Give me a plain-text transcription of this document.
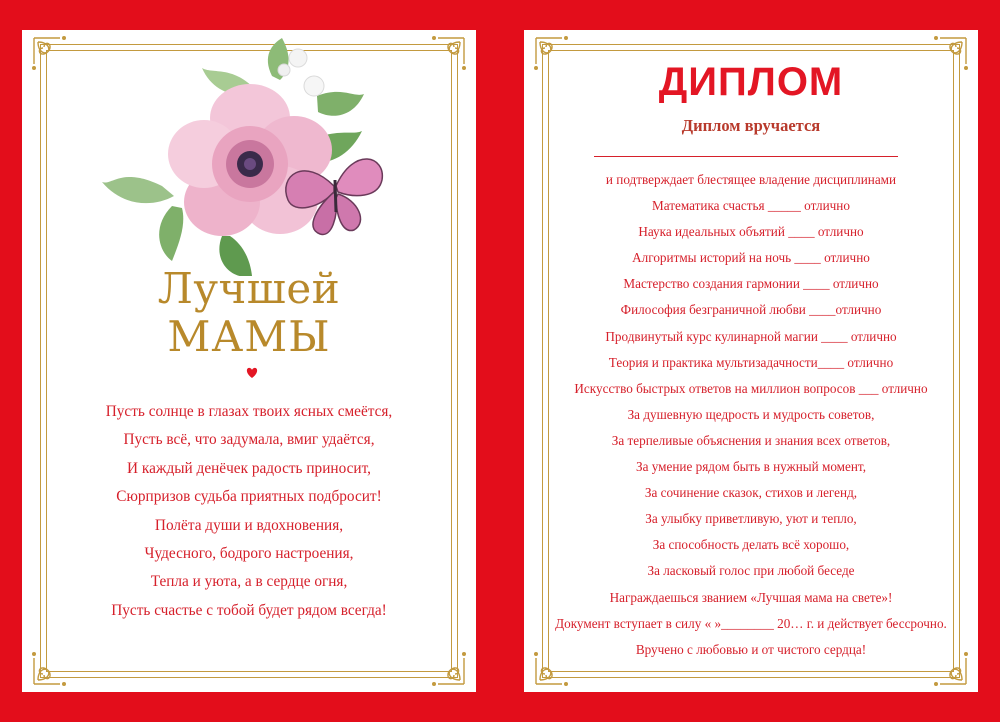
Лучшей
МАМЫ
Пусть солнце в глазах твоих ясных смеётся,
Пусть всё, что задумала, вмиг удаётся,
И каждый денёчек радость приносит,
Сюрпризов судьба приятных подбросит!
Полёта души и вдохновения,
Чудесного, бодрого настроения,
Тепла и уюта, а в сердце огня,
Пусть счастье с тобой будет рядом всегда!
ДИПЛОМ
Диплом вручается
и подтверждает блестящее владение дисциплинами
Математика счастья _____ отлично
Наука идеальных объятий ____ отлично
Алгоритмы историй на ночь ____ отлично
Мастерство создания гармонии ____ отлично
Философия безграничной любви ____отлично
Продвинутый курс кулинарной магии ____ отлично
Теория и практика мультизадачности____ отлично
Искусство быстрых ответов на миллион вопросов ___ отлично
За душевную щедрость и мудрость советов,
За терпеливые объяснения и знания всех ответов,
За умение рядом быть в нужный момент,
За сочинение сказок, стихов и легенд,
За улыбку приветливую, уют и тепло,
За способность делать всё хорошо,
За ласковый голос при любой беседе
Награждаешься званием «Лучшая мама на свете»!
Документ вступает в силу « »________ 20… г. и действует бессрочно.
Вручено с любовью и от чистого сердца!
